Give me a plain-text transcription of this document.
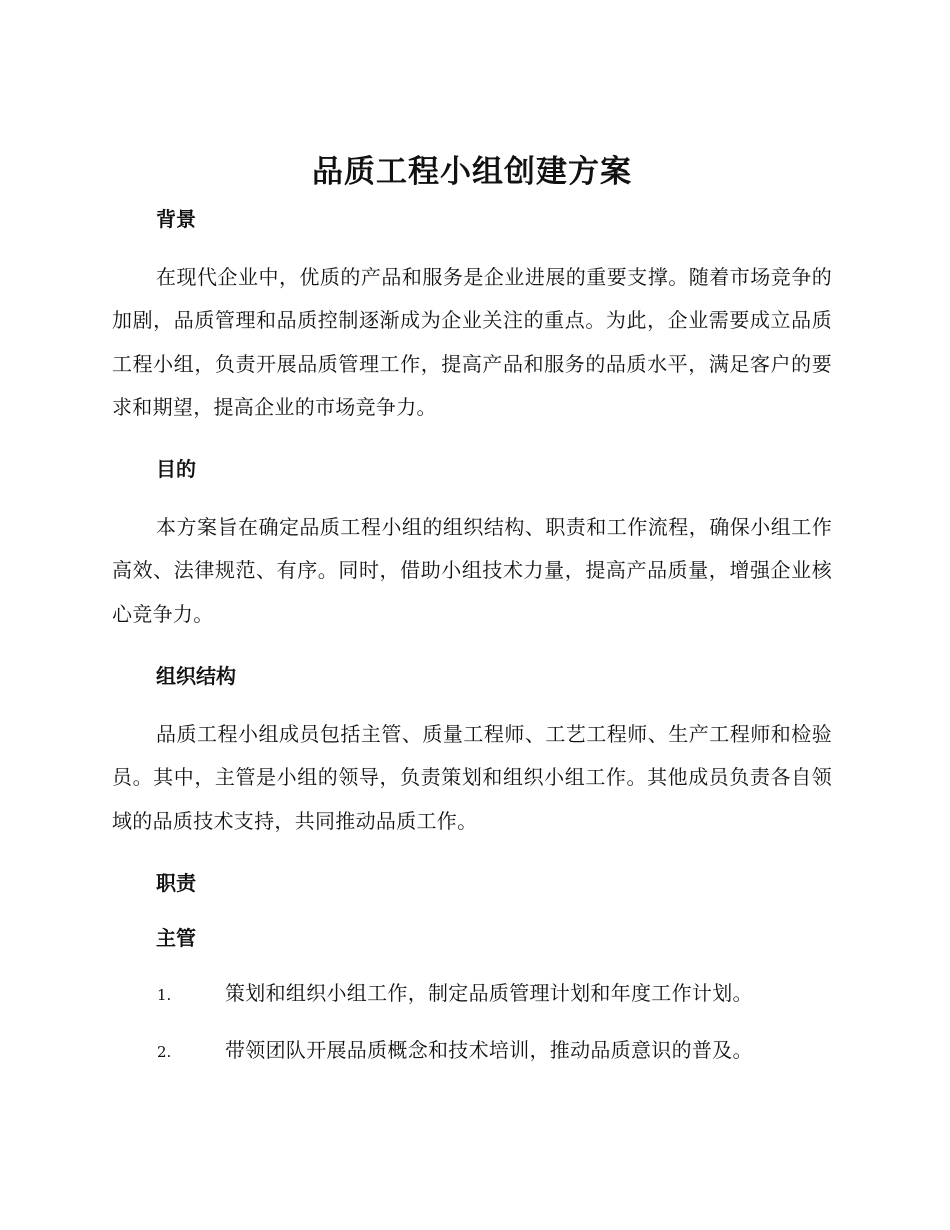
品质工程小组创建方案
背景

在现代企业中，优质的产品和服务是企业进展的重要支撑。随着市场竞争的加剧，品质管理和品质控制逐渐成为企业关注的重点。为此，企业需要成立品质工程小组，负责开展品质管理工作，提高产品和服务的品质水平，满足客户的要求和期望，提高企业的市场竞争力。

目的

本方案旨在确定品质工程小组的组织结构、职责和工作流程，确保小组工作高效、法律规范、有序。同时，借助小组技术力量，提高产品质量，增强企业核心竞争力。

组织结构

品质工程小组成员包括主管、质量工程师、工艺工程师、生产工程师和检验员。其中，主管是小组的领导，负责策划和组织小组工作。其他成员负责各自领域的品质技术支持，共同推动品质工作。

职责
主管
1.	策划和组织小组工作，制定品质管理计划和年度工作计划。
2.	带领团队开展品质概念和技术培训，推动品质意识的普及。
